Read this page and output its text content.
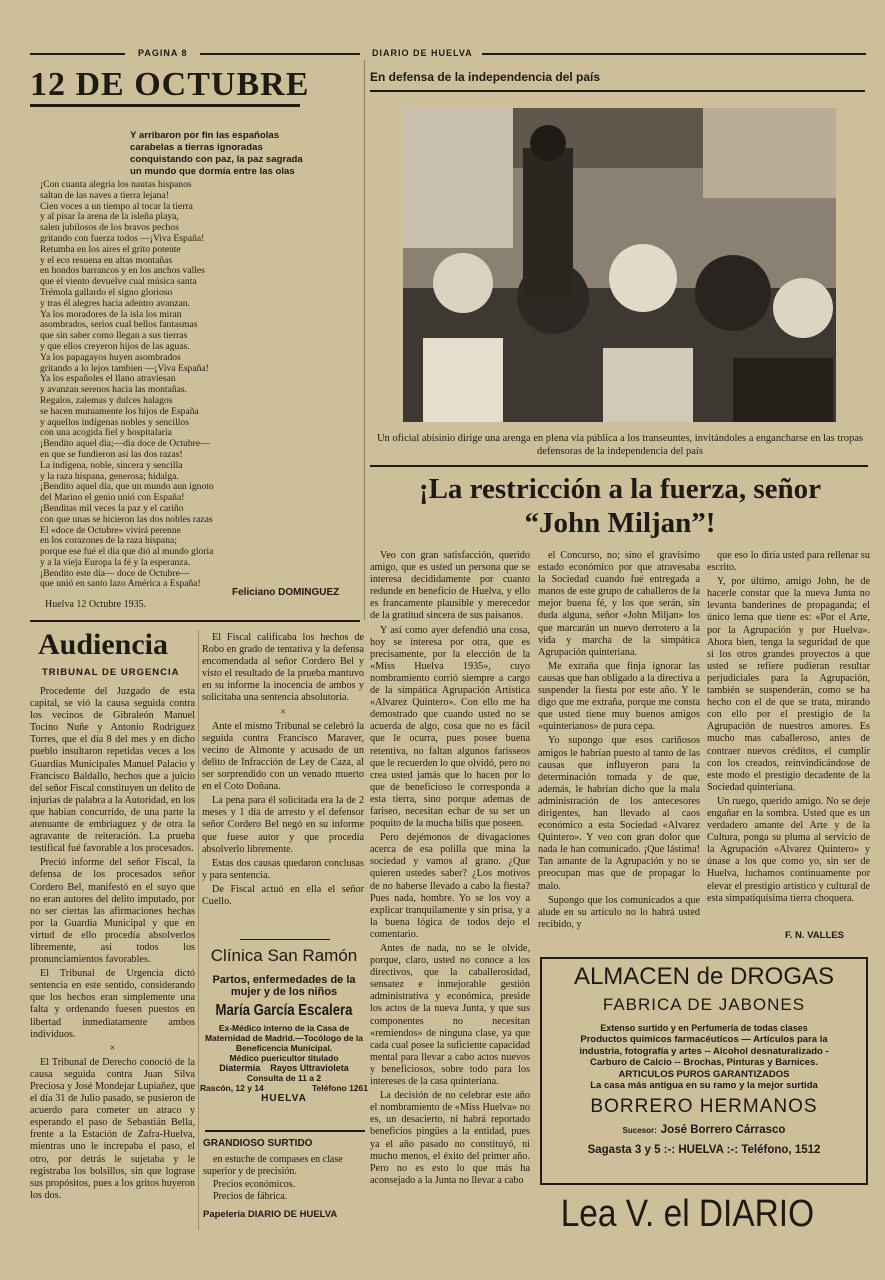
PAGINA 8	DIARIO DE HUELVA
12 DE OCTUBRE
Y arribaron por fin las españolas
carabelas a tierras ignoradas
conquistando con paz, la paz sagrada
un mundo que dormía entre las olas
¡Con cuanta alegría los nautas hispanos
saltan de las naves a tierra lejana!
Cien voces a un tiempo al tocar la tierra
y al pisar la arena de la isleña playa,
salen jubilosos de los bravos pechos
gritando con fuerza todos —¡Viva España!
Retumba en los aires el grito potente
y el eco resuena en altas montañas
en hondos barrancos y en los anchos valles
que el viento devuelve cual música santa
Trémola gallardo el signo glorioso
y tras él alegres hacia adentro avanzan.
Ya los moradores de la isla los miran
asombrados, serios cual bellos fantasmas
que sin saber como llegan a sus tierras
y que ellos creyeron hijos de las aguas.
Ya los papagayos huyen asombrados
gritando a lo lejos tambien —¡Viva España!
Ya los españoles el llano atraviesan
y avanzan serenos hacia las montañas.
Regalos, zalemas y dulces halagos
se hacen mutuamente los hijos de España
y aquellos indígenas nobles y sencillos
con una acogida fiel y hospitalaria
¡Bendito aquel día;—día doce de Octubre—
en que se fundieron así las dos razas!
La indígena, noble, sincera y sencilla
y la raza hispana, generosa; hidalga.
¡Bendito aquel día, que un mundo aun ignoto
del Marino el genio unió con España!
¡Benditas mil veces la paz y el cariño
con que unas se hicieron las dos nobles razas
El «doce de Octubre» vivirá perenne
en los corazones de la raza hispana;
porque ese fué el día que dió al mundo gloria
y a la vieja Europa la fé y la esperanza.
¡Bendito este día— doce de Octubre—
que unió en santo lazo América a España!
Feliciano DOMINGUEZ
Huelva 12 Octubre 1935.
En defensa de la independencia del país
Un oficial abisinio dirige una arenga en plena vía pública a los transeuntes, invitándoles a engancharse en las tropas defensoras de la independencia del país
¡La restricción a la fuerza, señor
“John Miljan”!

Veo con gran satisfacción, querido amigo, que es usted un persona que se interesa decididamente por cuanto redunde en beneficio de Huelva, y ello es francamente plausible y merecedor de la gratitud sincera de sus paisanos.

Y así como ayer defendió una cosa, hoy se interesa por otra, que es precisamente, por la elección de la «Miss Huelva 1935», cuyo nombramiento corrió siempre a cargo de la simpática Agrupación Artística «Alvarez Quintero». Con ello me ha demostrado que cuando usted no se acuerda de algo, cosa que no es fácil que le ocurra, pues posee buena retentiva, no faltan algunos farisseos que le recuerden lo que olvidó, pero no crea usted jamás que lo hacen por lo que de beneficioso le corresponda a esta tierra, sino porque ademas de fariseo, necesitan echar de su ser un poquito de la mucha bilis que poseen.

Pero dejémonos de divagaciones acerca de esa polilla que mina la sociedad y vamos al grano. ¿Que quieren ustedes saber? ¿Los motivos de no haberse llevado a cabo la fiesta? Pues nada, hombre. Yo se los voy a explicar tranquilamente y sin prisa, y a la buena lógica de todos dejo el comentario.

Antes de nada, no se le olvide, porque, claro, usted no conoce a los directivos, que la caballerosidad, sensatez e inmejorable gestión administrativa y económica, preside los actos de la nueva Junta, y que sus componentes no necesitan «remiendos» de ninguna clase, ya que cada cual posee la suficiente capacidad mental para llevar a cabo actos nuevos y beneficiosos, sobre todo para los intereses de la casa quinteriana.

La decisión de no celebrar este año el nombramiento de «Miss Huelva» no es, un desacierto, ni habrá reportado beneficios pingües a la entidad, pues ya el año pasado no constituyó, ni mucho menos, el éxito del primer año. Pero no es esto lo que más ha aconsejado a la Junta no llevar a cabo

el Concurso, no; sino el gravísimo estado económico por que atravesaba la Sociedad cuando fué entregada a manos de este grupo de caballeros de la mejor buena fé, y los que serán, sin duda alguna, señor «John Miljan» los que marcarán un nuevo derrotero a la vida y marcha de la simpática Agrupación quinteriana.

Me extraña que finja ignorar las causas que han obligado a la directiva a suspender la fiesta por este año. Y le digo que me extraña, porque me consta que usted tiene muy buenos amigos «quinterianos» de pura cepa.

Yo supongo que esos cariñosos amigos le habrían puesto al tanto de las causas que influyeron para la determinación tomada y de que, además, le habrían dicho que la mala administración de los antecesores dirigentes, han llevado al caos económico a esta Sociedad «Alvarez Quintero». Y veo con gran dolor que nada le han comunicado. ¡Que lástima! Tan amante de la Agrupación y no se preocupan mas que de propagar lo malo.

Supongo que los comunicados a que alude en su artículo no lo habrá usted recibido, y

que eso lo diría usted para rellenar su escrito.

Y, por último, amigo John, he de hacerle constar que la nueva Junta no levanta banderines de propaganda; el único lema que tiene es: «Por el Arte, por la Agrupación y por Huelva». Ahora bien, tenga la seguridad de que si los otros grandes proyectos a que usted se refiere pudieran resultar perjudiciales para la Agrupación, también se suspenderán, como se ha hecho con el de que se trata, mirando con ello por el prestigio de la Agrupación de nuestros amores. Es mucho mas caballeroso, antes de contraer nuevos créditos, el cumplir con los creados, reinvindicándose de este modo el prestigio decadente de la Sociedad quinteriana.

Un ruego, querido amigo. No se deje engañar en la sombra. Usted que es un verdadero amante del Arte y de la Cultura, ponga su pluma al servicio de la Agrupación «Alvarez Quintero» y únase a los que como yo, sin ser de Huelva, luchamos continuamente por elevar el prestigio artístico y cultural de esta simpatiquísima tierra choquera.

F. N. VALLES
Audiencia
TRIBUNAL DE URGENCIA

Procedente del Juzgado de esta capital, se vió la causa seguida contra los vecinos de Gibraleón Manuel Tocino Nuñe y Antonio Rodriguez Torres, que el día 8 del mes y en dicho pueblo insultaron repetidas veces a los Guardias Municipales Manuel Palacio y Francisco Baldallo, hechos que a juicio del señor Fiscal constituyen un delito de injurias de palabra a la Autoridad, en los que habían concurrido, de una parte la atenuante de embriaguez y de otra la agravante de reiteración. La prueba testifical fué favorable a los procesados.

Preció informe del señor Fiscal, la defensa de los procesados señor Cordero Bel, manifestó en el suyo que no eran autores del delito imputado, por no ser ciertas las afirmaciones hechas por la Guardia Municipal y que en virtud de ello procedía absolverlos libremente, así todos los pronunciamientos favorables.

El Tribunal de Urgencia dictó sentencia en este sentido, considerando que los hechos eran simplemente una falta y ordenando fuesen puestos en libertad inmediatamente ambos individuos.

×

El Tribunal de Derecho conoció de la causa seguida contra Juan Silva Preciosa y José Mondejar Lupiañez, que el día 31 de Julio pasado, se pusieron de acuerdo para cometer un atraco y esperando el paso de Sebastián Bella, frente a la Estación de Zafra-Huelva, mientras uno le increpaba el paso, el otro, por detrás le sujetaba y le registraba los bolsillos, sin que lograse sus propósitos, pues a los gritos huyeron los dos.

El Fiscal calificaba los hechos de Robo en grado de tentativa y la defensa encomendada al señor Cordero Bel y visto el resultado de la prueba mantuvo en su informe la inocencia de ambos y solicitaba una sentencia absolutoria.

×

Ante el mismo Tribunal se celebró la seguida contra Francisco Maraver, vecino de Almonte y acusado de un delito de Infracción de Ley de Caza, al ser sorprendido con un venado muerto en el Coto Doñana.

La pena para él solicitada era la de 2 meses y 1 día de arresto y el defensor señor Cordero Bel negó en su informe que fuese autor y que procedía absolverlo libremente.

Estas dos causas quedaron conclusas y para sentencia.

De Fiscal actuó en ella el señor Cuello.

Clínica San Ramón

Partos, enfermedades de la mujer y de los niños

María García Escalera

Ex-Médico interno de la Casa de Maternidad de Madrid.—Tocólogo de la Beneficencia Municipal.

Médico puericultor titulado

Diatermia    Rayos Ultravioleta

Consulta de 11 a 2

Rascón, 12 y 14	Teléfono 1261

HUELVA

GRANDIOSO SURTIDO
en estuche de compases en clase superior y de precisión.
Precios económicos.
Precios de fábrica.
Papelería DIARIO DE HUELVA
ALMACEN de DROGAS
FABRICA DE JABONES
Extenso surtido y en Perfumería de todas clases
Productos químicos farmacéuticos — Artículos para la
industria, fotografía y artes -- Alcohol desnaturalizado -
Carburo de Calcio -- Brochas, Pinturas y Barnices.
ARTICULOS PUROS GARANTIZADOS
La casa más antigua en su ramo y la mejor surtida
BORRERO HERMANOS
Sucesor: José Borrero Cárrasco
Sagasta 3 y 5 :-: HUELVA :-: Teléfono, 1512
Lea V. el DIARIO
